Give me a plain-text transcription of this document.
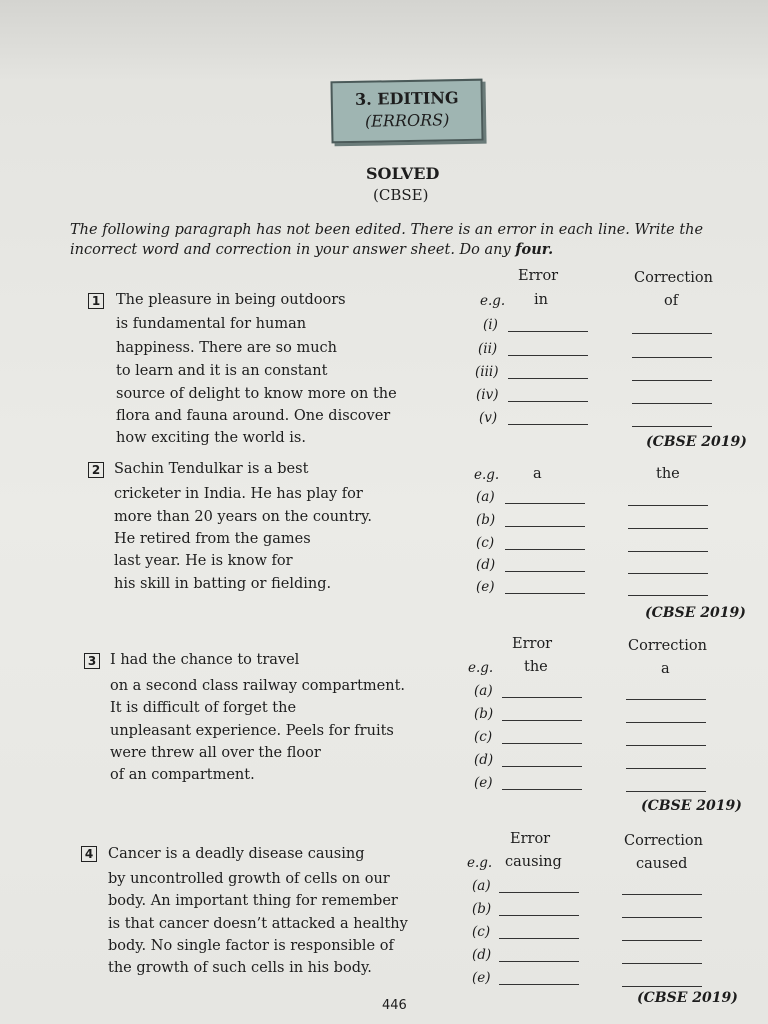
3. EDITING
(ERRORS)
SOLVED
(CBSE)
The following paragraph has not been edited. There is an error in each line. Write the incorrect word and correction in your answer sheet. Do any four.
Error	Correction
1 The pleasure in being outdoors
is fundamental for human
happiness. There are so much
to learn and it is an constant
source of delight to know more on the
flora and fauna around. One discover
how exciting the world is.
e.g. in	of
(i)
(ii)
(iii)
(iv)
(v)
(CBSE 2019)
2 Sachin Tendulkar is a best
cricketer in India. He has play for
more than 20 years on the country.
He retired from the games
last year. He is know for
his skill in batting or fielding.
e.g. a	the
(a)
(b)
(c)
(d)
(e)
(CBSE 2019)
Error	Correction
3 I had the chance to travel
on a second class railway compartment.
It is difficult of forget the
unpleasant experience. Peels for fruits
were threw all over the floor
of an compartment.
e.g. the	a
(a)
(b)
(c)
(d)
(e)
(CBSE 2019)
Error	Correction
4 Cancer is a deadly disease causing
by uncontrolled growth of cells on our
body. An important thing for remember
is that cancer doesn’t attacked a healthy
body. No single factor is responsible of
the growth of such cells in his body.
e.g. causing	caused
(a)
(b)
(c)
(d)
(e)
(CBSE 2019)
446
